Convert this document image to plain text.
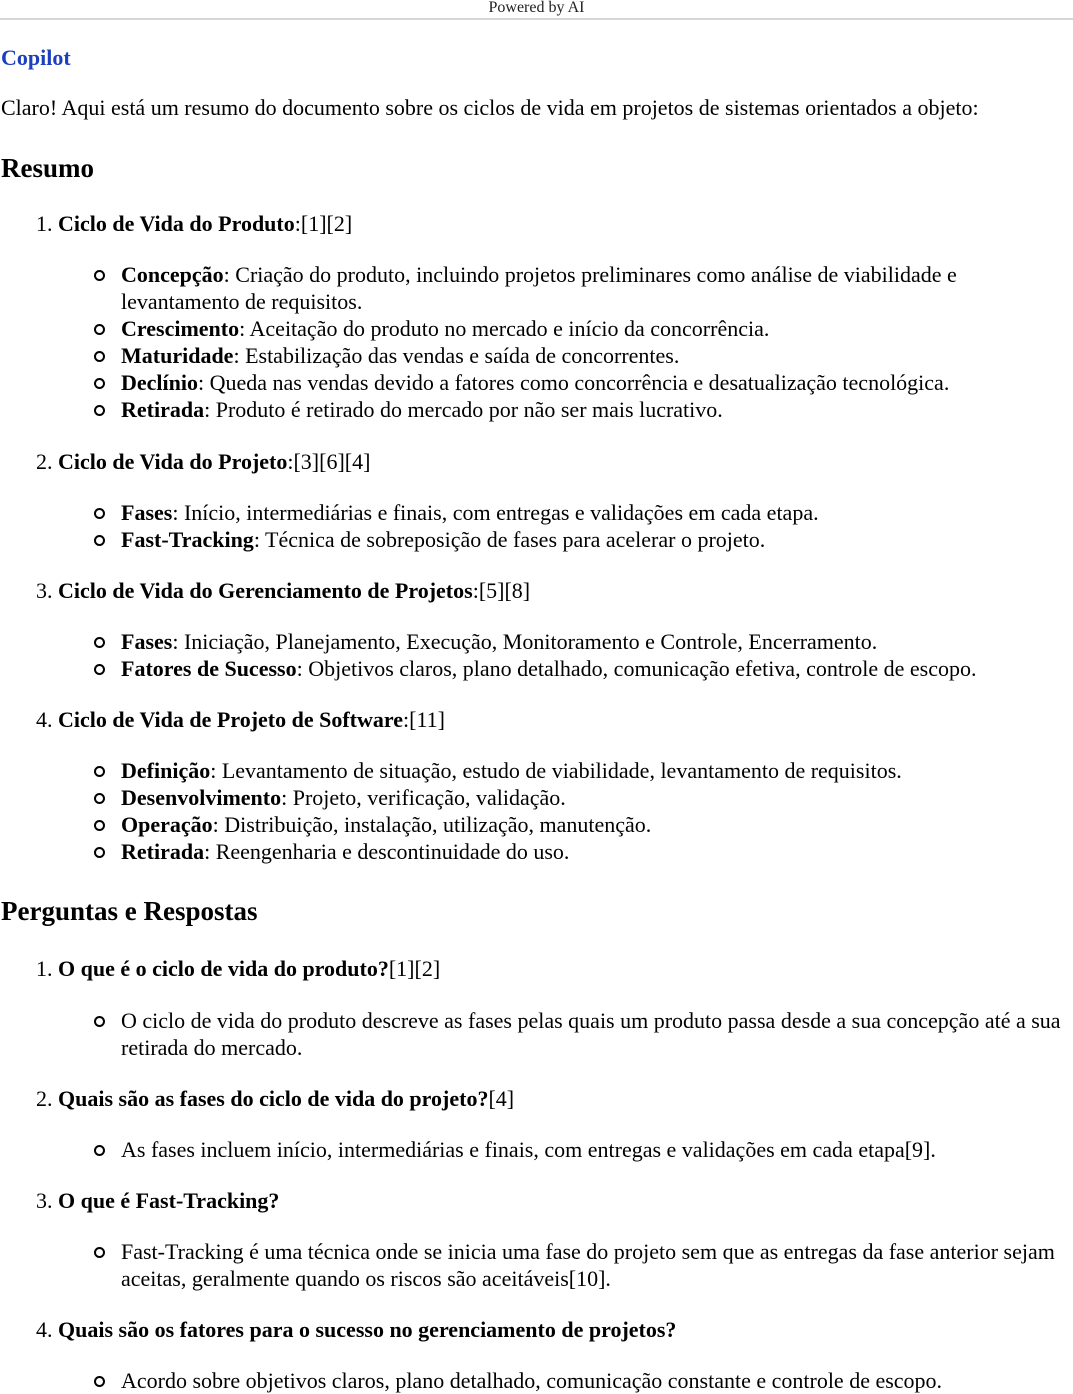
Powered by AI
Copilot
Claro! Aqui está um resumo do documento sobre os ciclos de vida em projetos de sistemas orientados a objeto:
Resumo
1. Ciclo de Vida do Produto:[1][2]
Concepção: Criação do produto, incluindo projetos preliminares como análise de viabilidade e levantamento de requisitos.
Crescimento: Aceitação do produto no mercado e início da concorrência.
Maturidade: Estabilização das vendas e saída de concorrentes.
Declínio: Queda nas vendas devido a fatores como concorrência e desatualização tecnológica.
Retirada: Produto é retirado do mercado por não ser mais lucrativo.
2. Ciclo de Vida do Projeto:[3][6][4]
Fases: Início, intermediárias e finais, com entregas e validações em cada etapa.
Fast-Tracking: Técnica de sobreposição de fases para acelerar o projeto.
3. Ciclo de Vida do Gerenciamento de Projetos:[5][8]
Fases: Iniciação, Planejamento, Execução, Monitoramento e Controle, Encerramento.
Fatores de Sucesso: Objetivos claros, plano detalhado, comunicação efetiva, controle de escopo.
4. Ciclo de Vida de Projeto de Software:[11]
Definição: Levantamento de situação, estudo de viabilidade, levantamento de requisitos.
Desenvolvimento: Projeto, verificação, validação.
Operação: Distribuição, instalação, utilização, manutenção.
Retirada: Reengenharia e descontinuidade do uso.
Perguntas e Respostas
1. O que é o ciclo de vida do produto?[1][2]
O ciclo de vida do produto descreve as fases pelas quais um produto passa desde a sua concepção até a sua retirada do mercado.
2. Quais são as fases do ciclo de vida do projeto?[4]
As fases incluem início, intermediárias e finais, com entregas e validações em cada etapa[9].
3. O que é Fast-Tracking?
Fast-Tracking é uma técnica onde se inicia uma fase do projeto sem que as entregas da fase anterior sejam aceitas, geralmente quando os riscos são aceitáveis[10].
4. Quais são os fatores para o sucesso no gerenciamento de projetos?
Acordo sobre objetivos claros, plano detalhado, comunicação constante e controle de escopo.
